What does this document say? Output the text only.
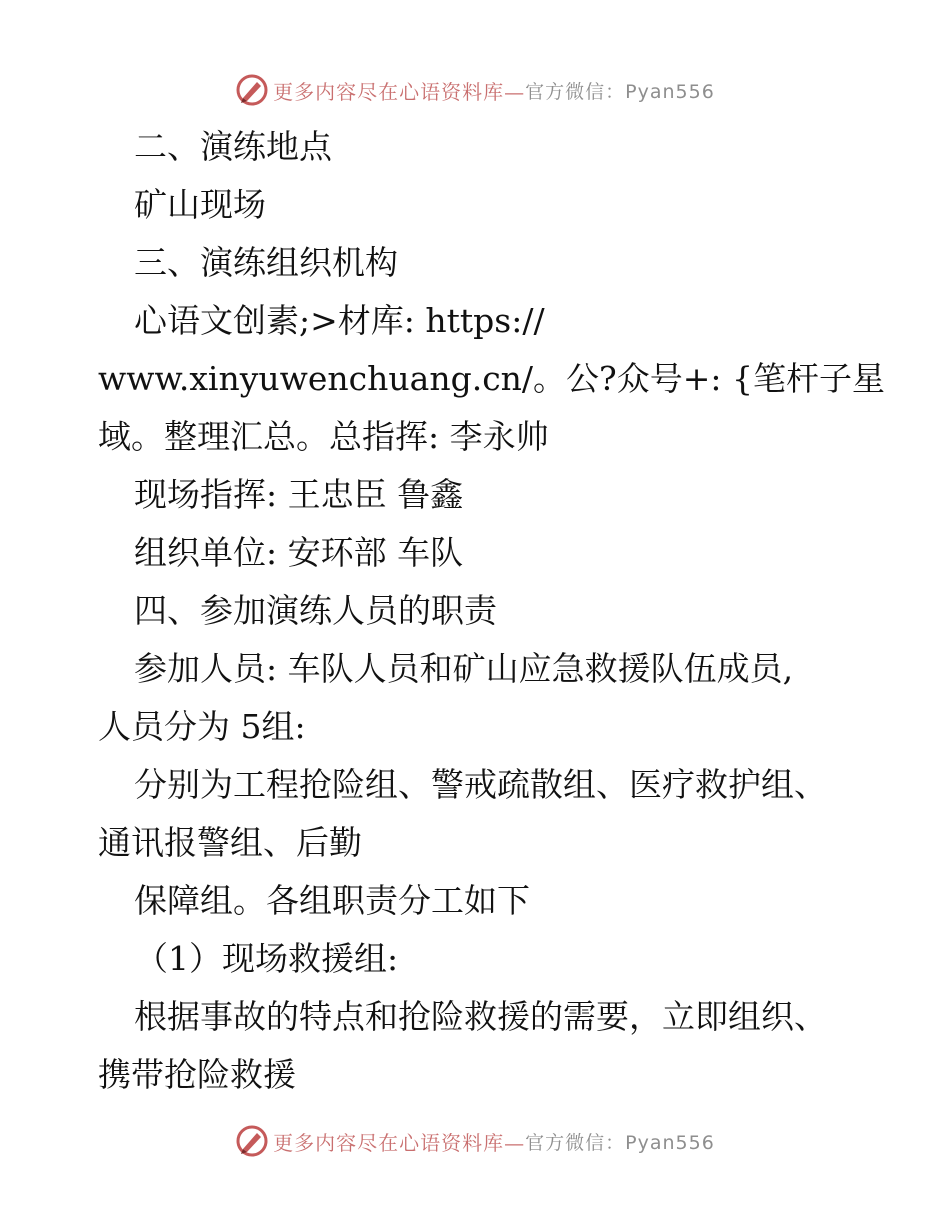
更多内容尽在心语资料库— 官方微信：Pyan556

二、演练地点

矿山现场

三、演练组织机构

心语文创素;>材库: https://

www.xinyuwenchuang.cn/。公?众号+: {笔杆子星

域。整理汇总。总指挥: 李永帅

现场指挥: 王忠臣 鲁鑫

组织单位: 安环部 车队

四、参加演练人员的职责

参加人员: 车队人员和矿山应急救援队伍成员,

人员分为 5组:

分别为工程抢险组、警戒疏散组、医疗救护组、

通讯报警组、后勤

保障组。各组职责分工如下

（1）现场救援组:

根据事故的特点和抢险救援的需要，立即组织、

携带抢险救援

更多内容尽在心语资料库— 官方微信：Pyan556
